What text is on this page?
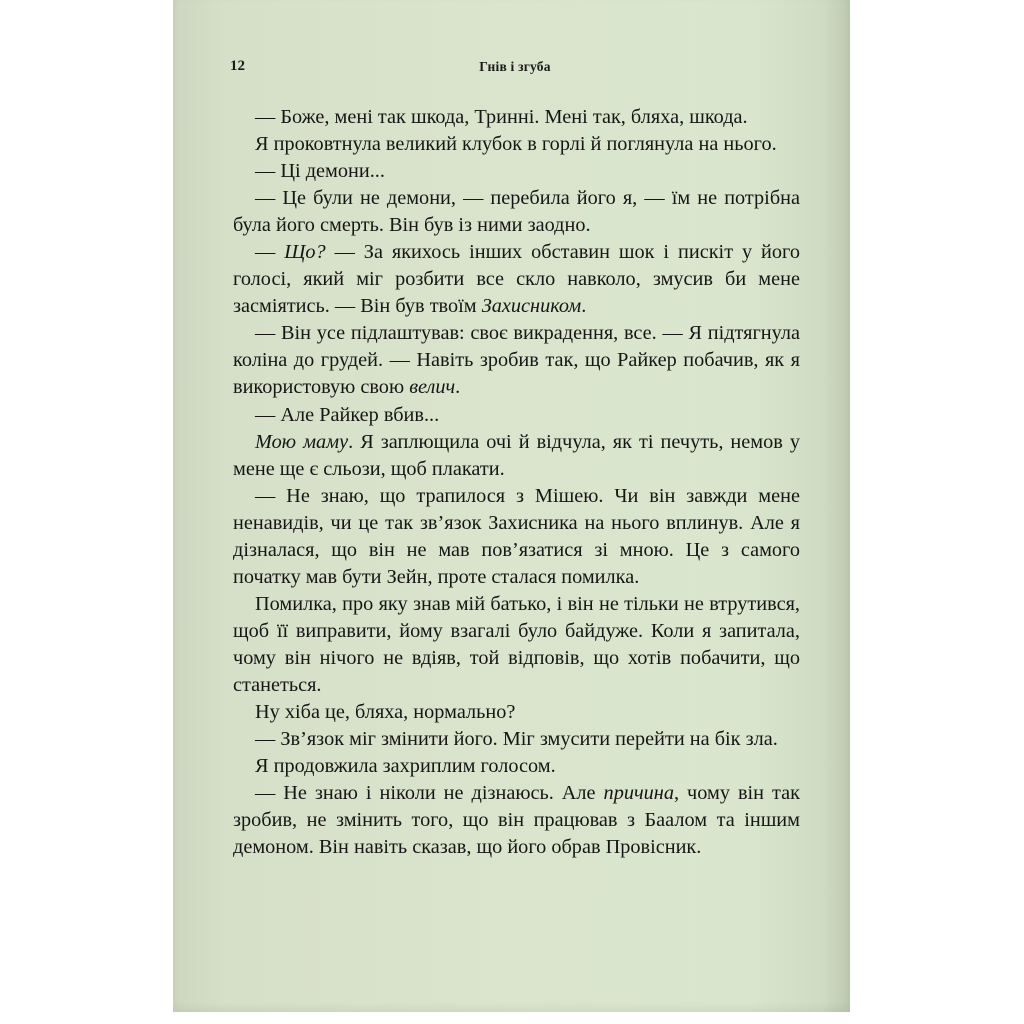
12	Гнів і згуба

— Боже, мені так шкода, Тринні. Мені так, бляха, шкода.

Я проковтнула великий клубок в горлі й поглянула на нього.

— Ці демони...

— Це були не демони, — перебила його я, — їм не потрібна була його смерть. Він був із ними заодно.

— Що? — За якихось інших обставин шок і пискіт у його голосі, який міг розбити все скло навколо, змусив би мене засміятись. — Він був твоїм Захисником.

— Він усе підлаштував: своє викрадення, все. — Я підтягнула коліна до грудей. — Навіть зробив так, що Райкер побачив, як я використовую свою велич.

— Але Райкер вбив...

Мою маму. Я заплющила очі й відчула, як ті печуть, немов у мене ще є сльози, щоб плакати.

— Не знаю, що трапилося з Мішею. Чи він завжди мене ненавидів, чи це так зв’язок Захисника на нього вплинув. Але я дізналася, що він не мав пов’язатися зі мною. Це з самого початку мав бути Зейн, проте сталася помилка.

Помилка, про яку знав мій батько, і він не тільки не втрутився, щоб її виправити, йому взагалі було байдуже. Коли я запитала, чому він нічого не вдіяв, той відповів, що хотів побачити, що станеться.

Ну хіба це, бляха, нормально?

— Зв’язок міг змінити його. Міг змусити перейти на бік зла.

Я продовжила захриплим голосом.

— Не знаю і ніколи не дізнаюсь. Але причина, чому він так зробив, не змінить того, що він працював з Баалом та іншим демоном. Він навіть сказав, що його обрав Провісник.
